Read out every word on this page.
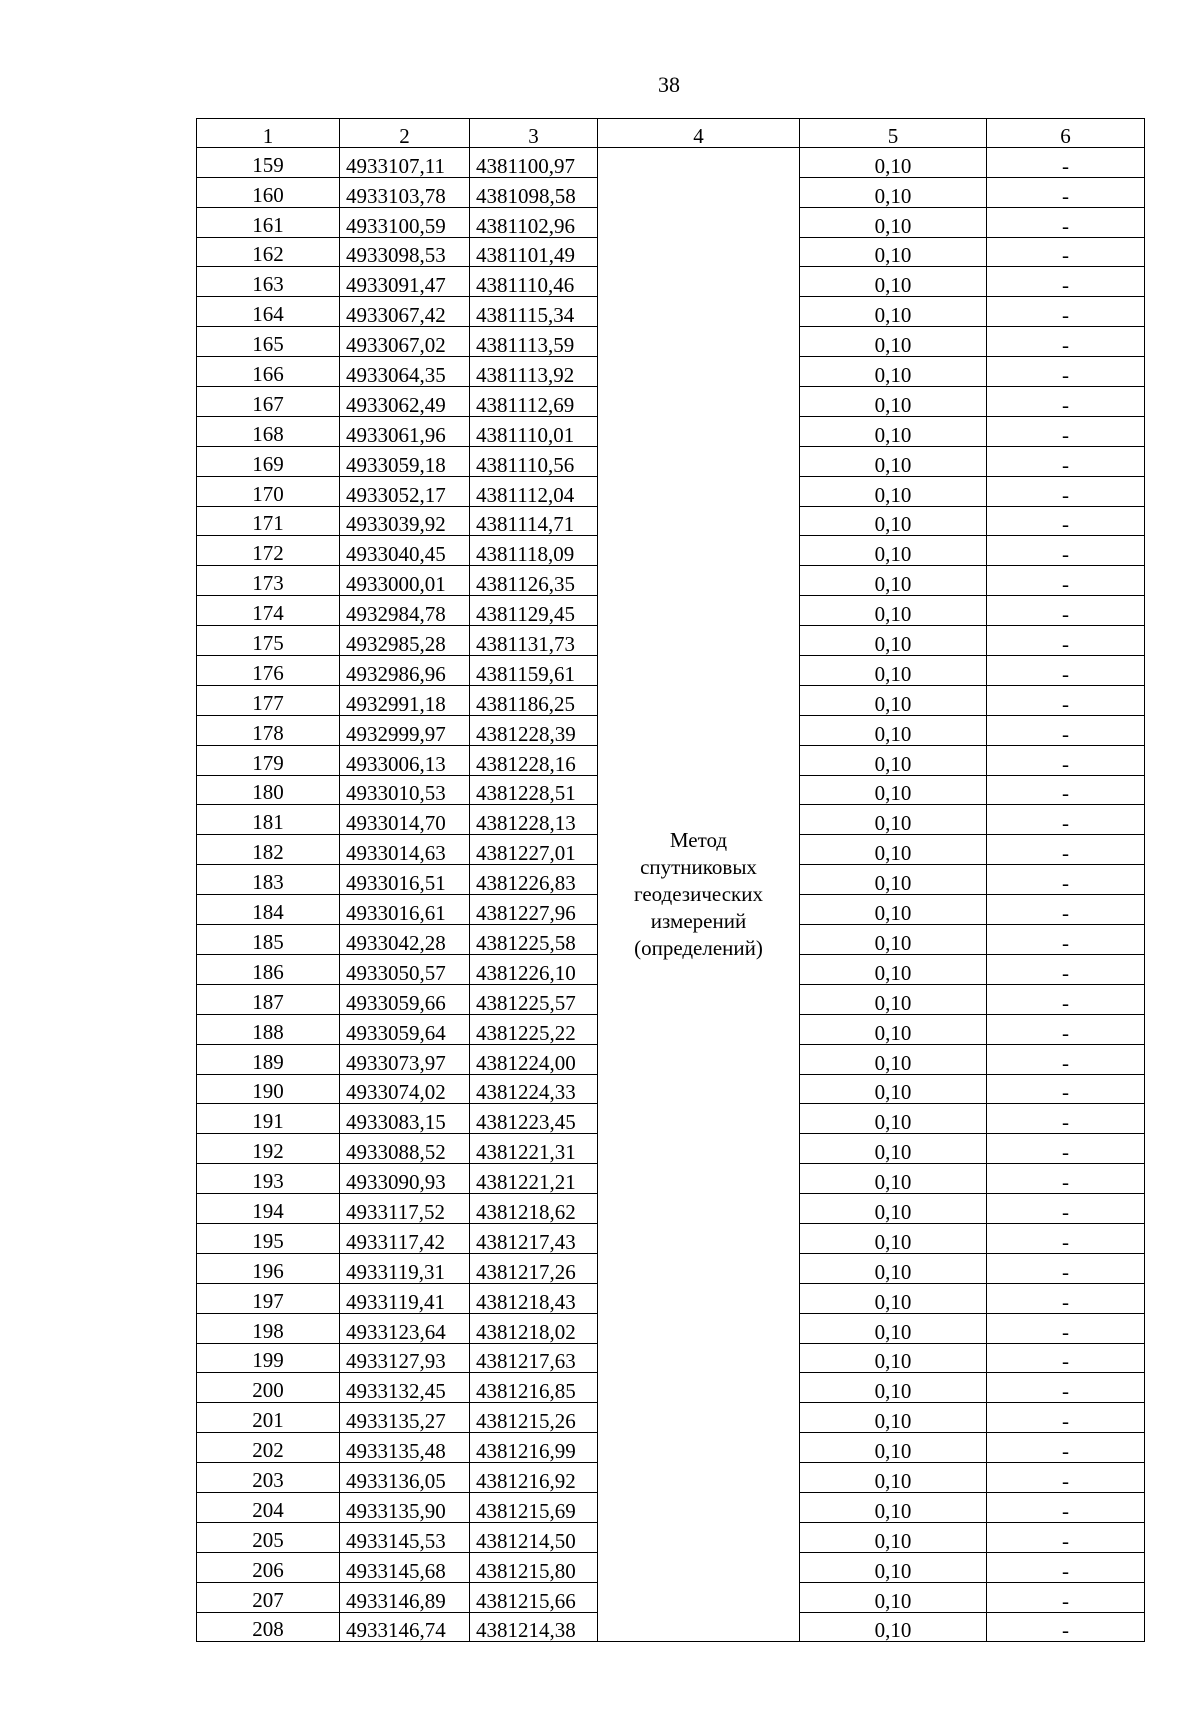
38
1	2	3	4	5	6
159	4933107,11	4381100,97	Метод
спутниковых
геодезических
измерений
(определений)	0,10	-
160	4933103,78	4381098,58		0,10	-
161	4933100,59	4381102,96		0,10	-
162	4933098,53	4381101,49		0,10	-
163	4933091,47	4381110,46		0,10	-
164	4933067,42	4381115,34		0,10	-
165	4933067,02	4381113,59		0,10	-
166	4933064,35	4381113,92		0,10	-
167	4933062,49	4381112,69		0,10	-
168	4933061,96	4381110,01		0,10	-
169	4933059,18	4381110,56		0,10	-
170	4933052,17	4381112,04		0,10	-
171	4933039,92	4381114,71		0,10	-
172	4933040,45	4381118,09		0,10	-
173	4933000,01	4381126,35		0,10	-
174	4932984,78	4381129,45		0,10	-
175	4932985,28	4381131,73		0,10	-
176	4932986,96	4381159,61		0,10	-
177	4932991,18	4381186,25		0,10	-
178	4932999,97	4381228,39		0,10	-
179	4933006,13	4381228,16		0,10	-
180	4933010,53	4381228,51		0,10	-
181	4933014,70	4381228,13		0,10	-
182	4933014,63	4381227,01		0,10	-
183	4933016,51	4381226,83		0,10	-
184	4933016,61	4381227,96		0,10	-
185	4933042,28	4381225,58		0,10	-
186	4933050,57	4381226,10		0,10	-
187	4933059,66	4381225,57		0,10	-
188	4933059,64	4381225,22		0,10	-
189	4933073,97	4381224,00		0,10	-
190	4933074,02	4381224,33		0,10	-
191	4933083,15	4381223,45		0,10	-
192	4933088,52	4381221,31		0,10	-
193	4933090,93	4381221,21		0,10	-
194	4933117,52	4381218,62		0,10	-
195	4933117,42	4381217,43		0,10	-
196	4933119,31	4381217,26		0,10	-
197	4933119,41	4381218,43		0,10	-
198	4933123,64	4381218,02		0,10	-
199	4933127,93	4381217,63		0,10	-
200	4933132,45	4381216,85		0,10	-
201	4933135,27	4381215,26		0,10	-
202	4933135,48	4381216,99		0,10	-
203	4933136,05	4381216,92		0,10	-
204	4933135,90	4381215,69		0,10	-
205	4933145,53	4381214,50		0,10	-
206	4933145,68	4381215,80		0,10	-
207	4933146,89	4381215,66		0,10	-
208	4933146,74	4381214,38		0,10	-
